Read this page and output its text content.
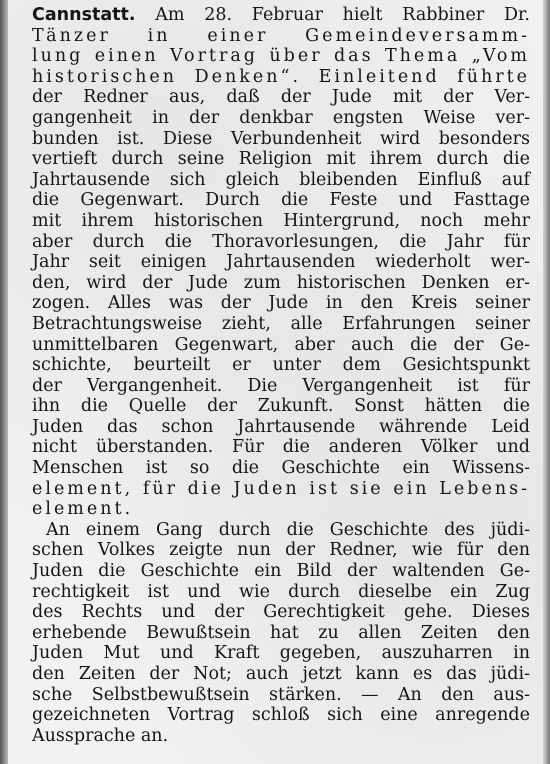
Cannstatt. Am 28. Februar hielt Rabbiner Dr.
Tänzer in einer Gemeindeversamm-
lung einen Vortrag über das Thema „Vom
historischen Denken“. Einleitend führte
der Redner aus, daß der Jude mit der Ver-
gangenheit in der denkbar engsten Weise ver-
bunden ist. Diese Verbundenheit wird besonders
vertieft durch seine Religion mit ihrem durch die
Jahrtausende sich gleich bleibenden Einfluß auf
die Gegenwart. Durch die Feste und Fasttage
mit ihrem historischen Hintergrund, noch mehr
aber durch die Thoravorlesungen, die Jahr für
Jahr seit einigen Jahrtausenden wiederholt wer-
den, wird der Jude zum historischen Denken er-
zogen. Alles was der Jude in den Kreis seiner
Betrachtungsweise zieht, alle Erfahrungen seiner
unmittelbaren Gegenwart, aber auch die der Ge-
schichte, beurteilt er unter dem Gesichtspunkt
der Vergangenheit. Die Vergangenheit ist für
ihn die Quelle der Zukunft. Sonst hätten die
Juden das schon Jahrtausende währende Leid
nicht überstanden. Für die anderen Völker und
Menschen ist so die Geschichte ein Wissens-
element, für die Juden ist sie ein Lebens-
element.
An einem Gang durch die Geschichte des jüdi-
schen Volkes zeigte nun der Redner, wie für den
Juden die Geschichte ein Bild der waltenden Ge-
rechtigkeit ist und wie durch dieselbe ein Zug
des Rechts und der Gerechtigkeit gehe. Dieses
erhebende Bewußtsein hat zu allen Zeiten den
Juden Mut und Kraft gegeben, auszuharren in
den Zeiten der Not; auch jetzt kann es das jüdi-
sche Selbstbewußtsein stärken. — An den aus-
gezeichneten Vortrag schloß sich eine anregende
Aussprache an.
